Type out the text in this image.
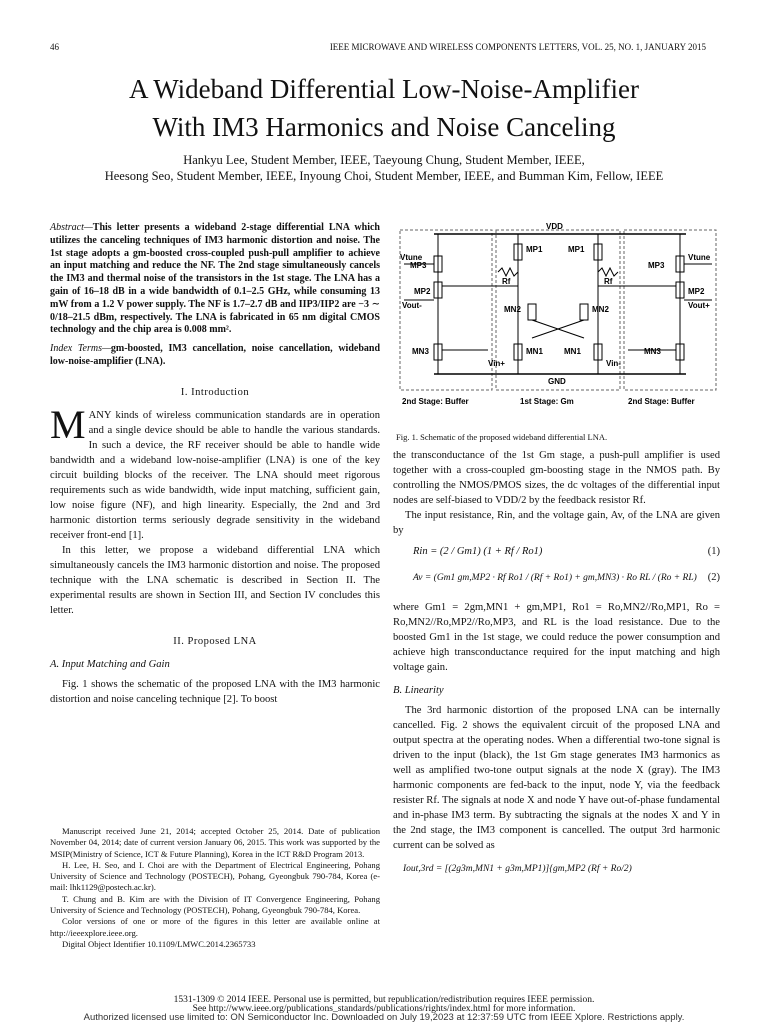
46	IEEE MICROWAVE AND WIRELESS COMPONENTS LETTERS, VOL. 25, NO. 1, JANUARY 2015
A Wideband Differential Low-Noise-Amplifier
With IM3 Harmonics and Noise Canceling
Hankyu Lee, Student Member, IEEE, Taeyoung Chung, Student Member, IEEE,
Heesong Seo, Student Member, IEEE, Inyoung Choi, Student Member, IEEE, and Bumman Kim, Fellow, IEEE
Abstract—This letter presents a wideband 2-stage differential LNA which utilizes the canceling techniques of IM3 harmonic distortion and noise. The 1st stage adopts a gm-boosted cross-coupled push-pull amplifier to achieve an input matching and reduce the NF. The 2nd stage simultaneously cancels the IM3 and thermal noise of the transistors in the 1st stage. The LNA has a gain of 16–18 dB in a wide bandwidth of 0.1–2.5 GHz, while consuming 13 mW from a 1.2 V power supply. The NF is 1.7–2.7 dB and IIP3/IIP2 are −3 ∼ 0/18–21.5 dBm, respectively. The LNA is fabricated in 65 nm digital CMOS technology and the chip area is 0.008 mm².
Index Terms—gm-boosted, IM3 cancellation, noise cancellation, wideband low-noise-amplifier (LNA).
I. Introduction

MANY kinds of wireless communication standards are in operation and a single device should be able to handle the various standards. In such a device, the RF receiver should be able to handle wide bandwidth and a wideband low-noise-amplifier (LNA) is one of the key circuit building blocks of the receiver. The LNA should meet rigorous requirements such as wide bandwidth, wide input matching, sufficient gain, low noise figure (NF), and high linearity. Especially, the 2nd and 3rd harmonic distortion terms seriously degrade sensitivity in the wideband receiver front-end [1].

In this letter, we propose a wideband differential LNA which simultaneously cancels the IM3 harmonic distortion and noise. The proposed technique with the LNA schematic is described in Section II. The experimental results are shown in Section III, and Section IV concludes this letter.

II. Proposed LNA
A. Input Matching and Gain

Fig. 1 shows the schematic of the proposed LNA with the IM3 harmonic distortion and noise canceling technique [2]. To boost

Manuscript received June 21, 2014; accepted October 25, 2014. Date of publication November 04, 2014; date of current version January 06, 2015. This work was supported by the MSIP(Ministry of Science, ICT & Future Planning), Korea in the ICT R&D Program 2013.

H. Lee, H. Seo, and I. Choi are with the Department of Electrical Engineering, Pohang University of Science and Technology (POSTECH), Pohang, Gyeongbuk 790-784, Korea (e-mail: lhk1129@postech.ac.kr).

T. Chung and B. Kim are with the Division of IT Convergence Engineering, Pohang University of Science and Technology (POSTECH), Pohang, Gyeongbuk 790-784, Korea.

Color versions of one or more of the figures in this letter are available online at http://ieeexplore.ieee.org.

Digital Object Identifier 10.1109/LMWC.2014.2365733

VDD
GND
MP1	MP1
MP2	MP2
MP3	MP3
MN1	MN1
MN2	MN2
MN3	MN3
Rf	Rf
Vtune	Vtune
Vout-	Vout+
Vin+	Vin-
2nd Stage: Buffer	1st Stage: Gm	2nd Stage: Buffer
Fig. 1. Schematic of the proposed wideband differential LNA.

the transconductance of the 1st Gm stage, a push-pull amplifier is used together with a cross-coupled gm-boosting stage in the NMOS path. By controlling the NMOS/PMOS sizes, the dc voltages of the differential input nodes are self-biased to VDD/2 by the feedback resistor Rf.

The input resistance, Rin, and the voltage gain, Av, of the LNA are given by

Rin = (2 / Gm1) (1 + Rf / Ro1)	(1)
Av = (Gm1 gm,MP2 · Rf Ro1 / (Rf + Ro1) + gm,MN3) · Ro RL / (Ro + RL) (2)

where Gm1 = 2gm,MN1 + gm,MP1, Ro1 = Ro,MN2//Ro,MP1, Ro = Ro,MN2//Ro,MP2//Ro,MP3, and RL is the load resistance. Due to the boosted Gm1 in the 1st stage, we could reduce the power consumption and achieve high transconductance required for the input matching and high voltage gain.

B. Linearity

The 3rd harmonic distortion of the proposed LNA can be internally cancelled. Fig. 2 shows the equivalent circuit of the proposed LNA and output spectra at the operating nodes. When a differential two-tone signal is driven to the input (black), the 1st Gm stage generates IM3 harmonics as well as amplified two-tone output signals at the node X (gray). The IM3 harmonic components are fed-back to the input, node Y, via the feedback resister Rf. The signals at node X and node Y have out-of-phase fundamental and in-phase IM3 term. By subtracting the signals at the nodes X and Y in the 2nd stage, the IM3 component is cancelled. The output 3rd harmonic current can be solved as

Iout,3rd = [(2g3m,MN1 + g3m,MP1)]{gm,MP2 (Rf + Ro/2)
1531-1309 © 2014 IEEE. Personal use is permitted, but republication/redistribution requires IEEE permission.
See http://www.ieee.org/publications_standards/publications/rights/index.html for more information.
Authorized licensed use limited to: ON Semiconductor Inc. Downloaded on July 19,2023 at 12:37:59 UTC from IEEE Xplore. Restrictions apply.
